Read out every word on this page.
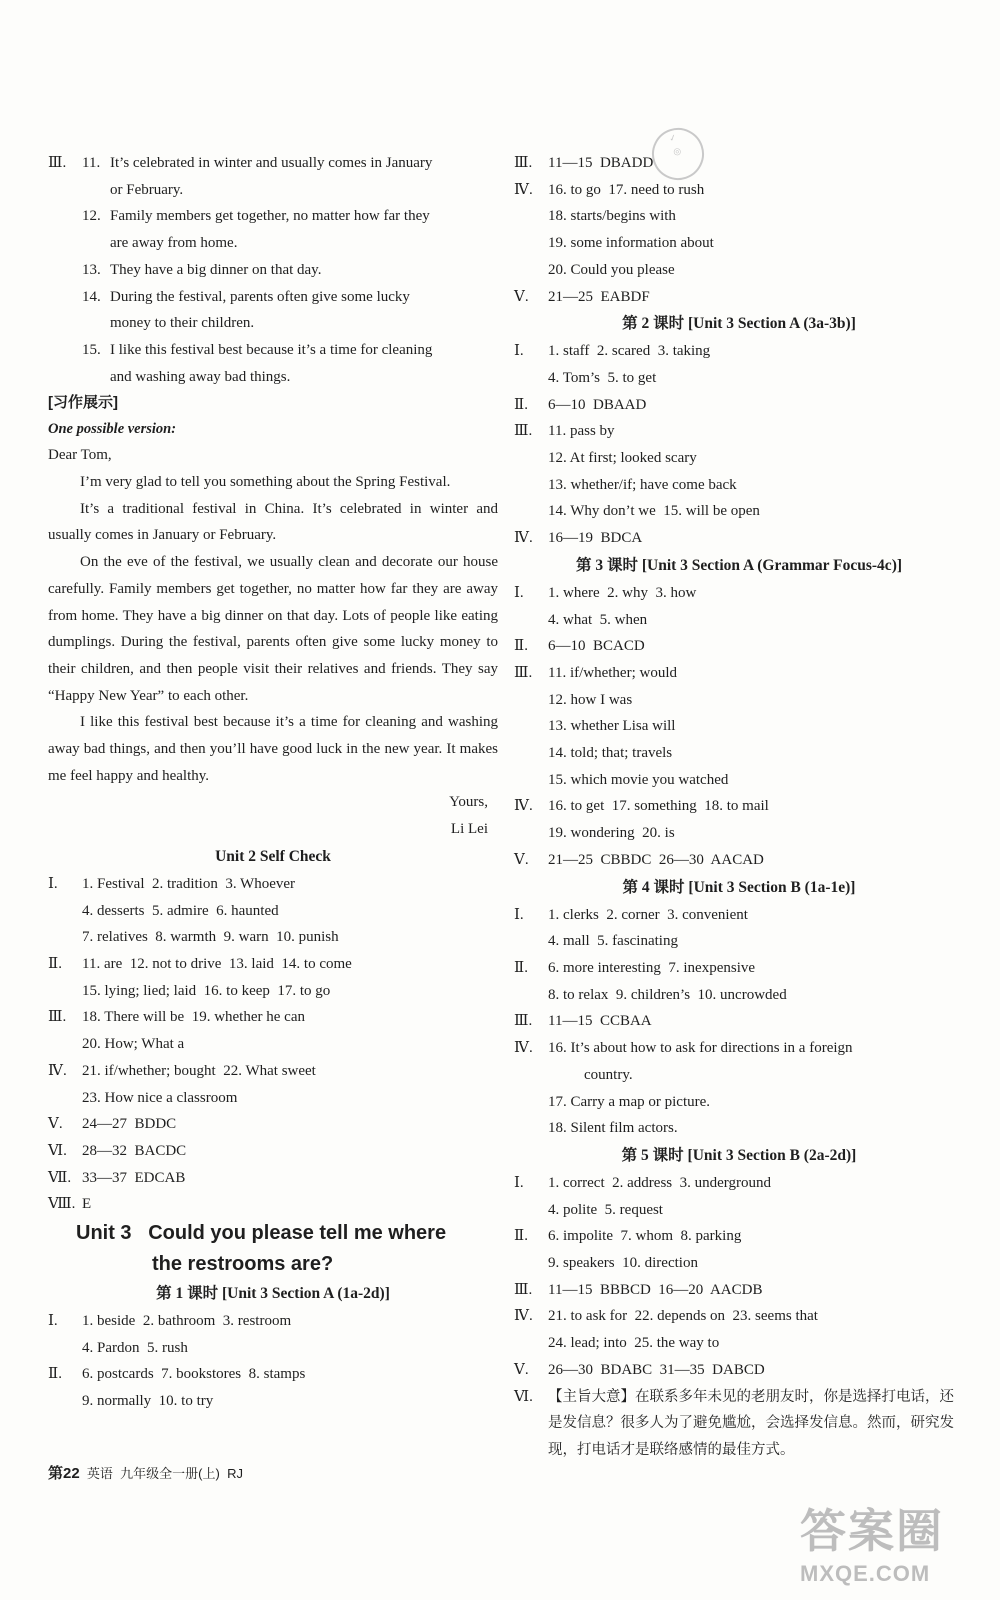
Ⅲ.	11. It’s celebrated in winter and usually comes in January
or February.
12. Family members get together, no matter how far they
are away from home.
13. They have a big dinner on that day.
14. During the festival, parents often give some lucky
money to their children.
15. I like this festival best because it’s a time for cleaning
and washing away bad things.
[习作展示]
One possible version:
Dear Tom,
I’m very glad to tell you something about the Spring Festival.
It’s a traditional festival in China. It’s celebrated in winter and usually comes in January or February.
On the eve of the festival, we usually clean and decorate our house carefully. Family members get together, no matter how far they are away from home. They have a big dinner on that day. Lots of people like eating dumplings. During the festival, parents often give some lucky money to their children, and then people visit their relatives and friends. They say “Happy New Year” to each other.
I like this festival best because it’s a time for cleaning and washing away bad things, and then you’ll have good luck in the new year. It makes me feel happy and healthy.
Yours,
Li Lei
Unit 2 Self Check
Ⅰ.	1. Festival  2. tradition  3. Whoever
4. desserts  5. admire  6. haunted
7. relatives  8. warmth  9. warn  10. punish
Ⅱ.	11. are  12. not to drive  13. laid  14. to come
15. lying; lied; laid  16. to keep  17. to go
Ⅲ.	18. There will be  19. whether he can
20. How; What a
Ⅳ.	21. if/whether; bought  22. What sweet
23. How nice a classroom
Ⅴ.	24—27  BDDC
Ⅵ.	28—32  BACDC
Ⅶ. 33—37  EDCAB
Ⅷ. E
Unit 3   Could you please tell me where
the restrooms are?
第 1 课时 [Unit 3 Section A (1a-2d)]
Ⅰ.	1. beside  2. bathroom  3. restroom
4. Pardon  5. rush
Ⅱ.	6. postcards  7. bookstores  8. stamps
9. normally  10. to try
Ⅲ.	11—15  DBADD
Ⅳ.	16. to go  17. need to rush
18. starts/begins with
19. some information about
20. Could you please
Ⅴ.	21—25  EABDF
第 2 课时 [Unit 3 Section A (3a-3b)]
Ⅰ.	1. staff  2. scared  3. taking
4. Tom’s  5. to get
Ⅱ.	6—10  DBAAD
Ⅲ.	11. pass by
12. At first; looked scary
13. whether/if; have come back
14. Why don’t we  15. will be open
Ⅳ.	16—19  BDCA
第 3 课时 [Unit 3 Section A (Grammar Focus-4c)]
Ⅰ.	1. where  2. why  3. how
4. what  5. when
Ⅱ.	6—10  BCACD
Ⅲ.	11. if/whether; would
12. how I was
13. whether Lisa will
14. told; that; travels
15. which movie you watched
Ⅳ.	16. to get  17. something  18. to mail
19. wondering  20. is
Ⅴ.	21—25  CBBDC  26—30  AACAD
第 4 课时 [Unit 3 Section B (1a-1e)]
Ⅰ.	1. clerks  2. corner  3. convenient
4. mall  5. fascinating
Ⅱ.	6. more interesting  7. inexpensive
8. to relax  9. children’s  10. uncrowded
Ⅲ.	11—15  CCBAA
Ⅳ.	16. It’s about how to ask for directions in a foreign
country.
17. Carry a map or picture.
18. Silent film actors.
第 5 课时 [Unit 3 Section B (2a-2d)]
Ⅰ.	1. correct  2. address  3. underground
4. polite  5. request
Ⅱ.	6. impolite  7. whom  8. parking
9. speakers  10. direction
Ⅲ.	11—15  BBBCD  16—20  AACDB
Ⅳ.	21. to ask for  22. depends on  23. seems that
24. lead; into  25. the way to
Ⅴ.	26—30  BDABC  31—35  DABCD
Ⅵ.	【主旨大意】在联系多年未见的老朋友时，你是选择打电话，还是发信息？很多人为了避免尴尬，会选择发信息。然而，研究发现，打电话才是联络感情的最佳方式。
✓
◎
第22 英语 九年级全一册(上) RJ
答案圈
MXQE.COM
